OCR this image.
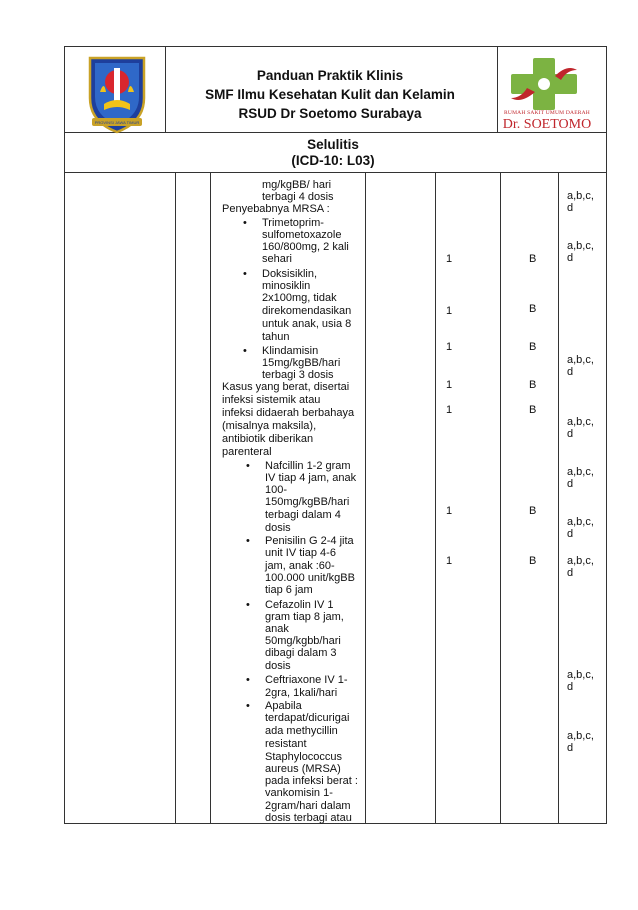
PROVINSI JAWA TIMUR
Panduan Praktik Klinis
SMF Ilmu Kesehatan Kulit dan Kelamin
RSUD Dr Soetomo Surabaya	RUMAH SAKIT UMUM DAERAH
Dr. SOETOMO
Selulitis
(ICD-10: L03)
mg/kgBB/ hari
terbagi 4 dosis
Penyebabnya MRSA :
Trimetoprim-
sulfometoxazole
160/800mg, 2 kali
sehari
Doksisiklin,
minosiklin
2x100mg, tidak
direkomendasikan
untuk anak, usia 8
tahun
Klindamisin
15mg/kgBB/hari
terbagi 3 dosis
Kasus yang berat, disertai
infeksi sistemik atau
infeksi didaerah berbahaya
(misalnya maksila),
antibiotik diberikan
parenteral
Nafcillin 1-2 gram
IV tiap 4 jam, anak
100-
150mg/kgBB/hari
terbagi dalam 4
dosis
Penisilin G 2-4 jita
unit IV tiap 4-6
jam, anak :60-
100.000 unit/kgBB
tiap 6 jam
Cefazolin IV 1
gram tiap 8 jam,
anak
50mg/kgbb/hari
dibagi dalam 3
dosis
Ceftriaxone IV 1-
2gra, 1kali/hari
Apabila
terdapat/dicurigai
ada methycillin
resistant
Staphylococcus
aureus (MRSA)
pada infeksi berat :
vankomisin 1-
2gram/hari dalam
dosis terbagi atau
•
•
•
•
•
•
•
•
1
1
1
1
1
1
1
B
B
B
B
B
B
B
a,b,c,
d
a,b,c,
d
a,b,c,
d
a,b,c,
d
a,b,c,
d
a,b,c,
d
a,b,c,
d
a,b,c,
d
a,b,c,
d
